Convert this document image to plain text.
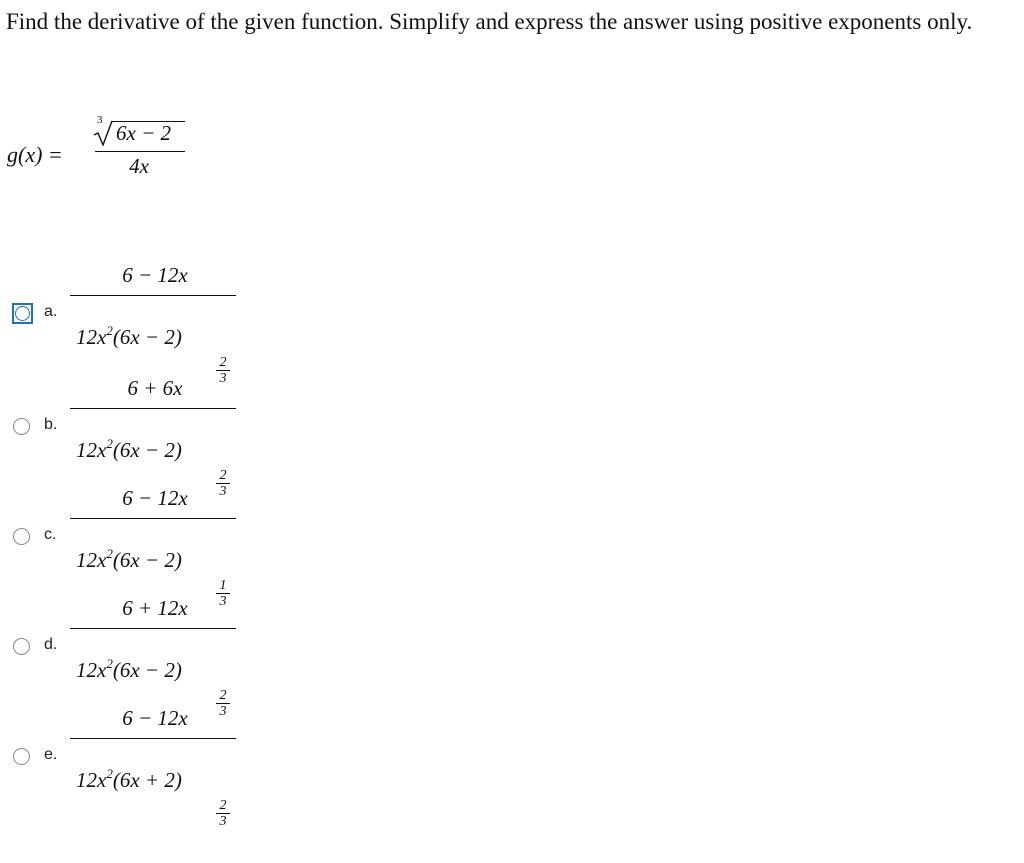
Find the derivative of the given function. Simplify and express the answer using positive exponents only.
g(x) =
3
6x − 2
4x
a.
6 − 12x
$12x^2(6x - 2)$
$\frac{2}{3}$
b.
6 + 6x
$12x^2(6x - 2)$
$\frac{2}{3}$
c.
6 − 12x
$12x^2(6x - 2)$
$\frac{1}{3}$
d.
6 + 12x
$12x^2(6x - 2)$
$\frac{2}{3}$
e.
6 − 12x
$12x^2(6x + 2)$
$\frac{2}{3}$
